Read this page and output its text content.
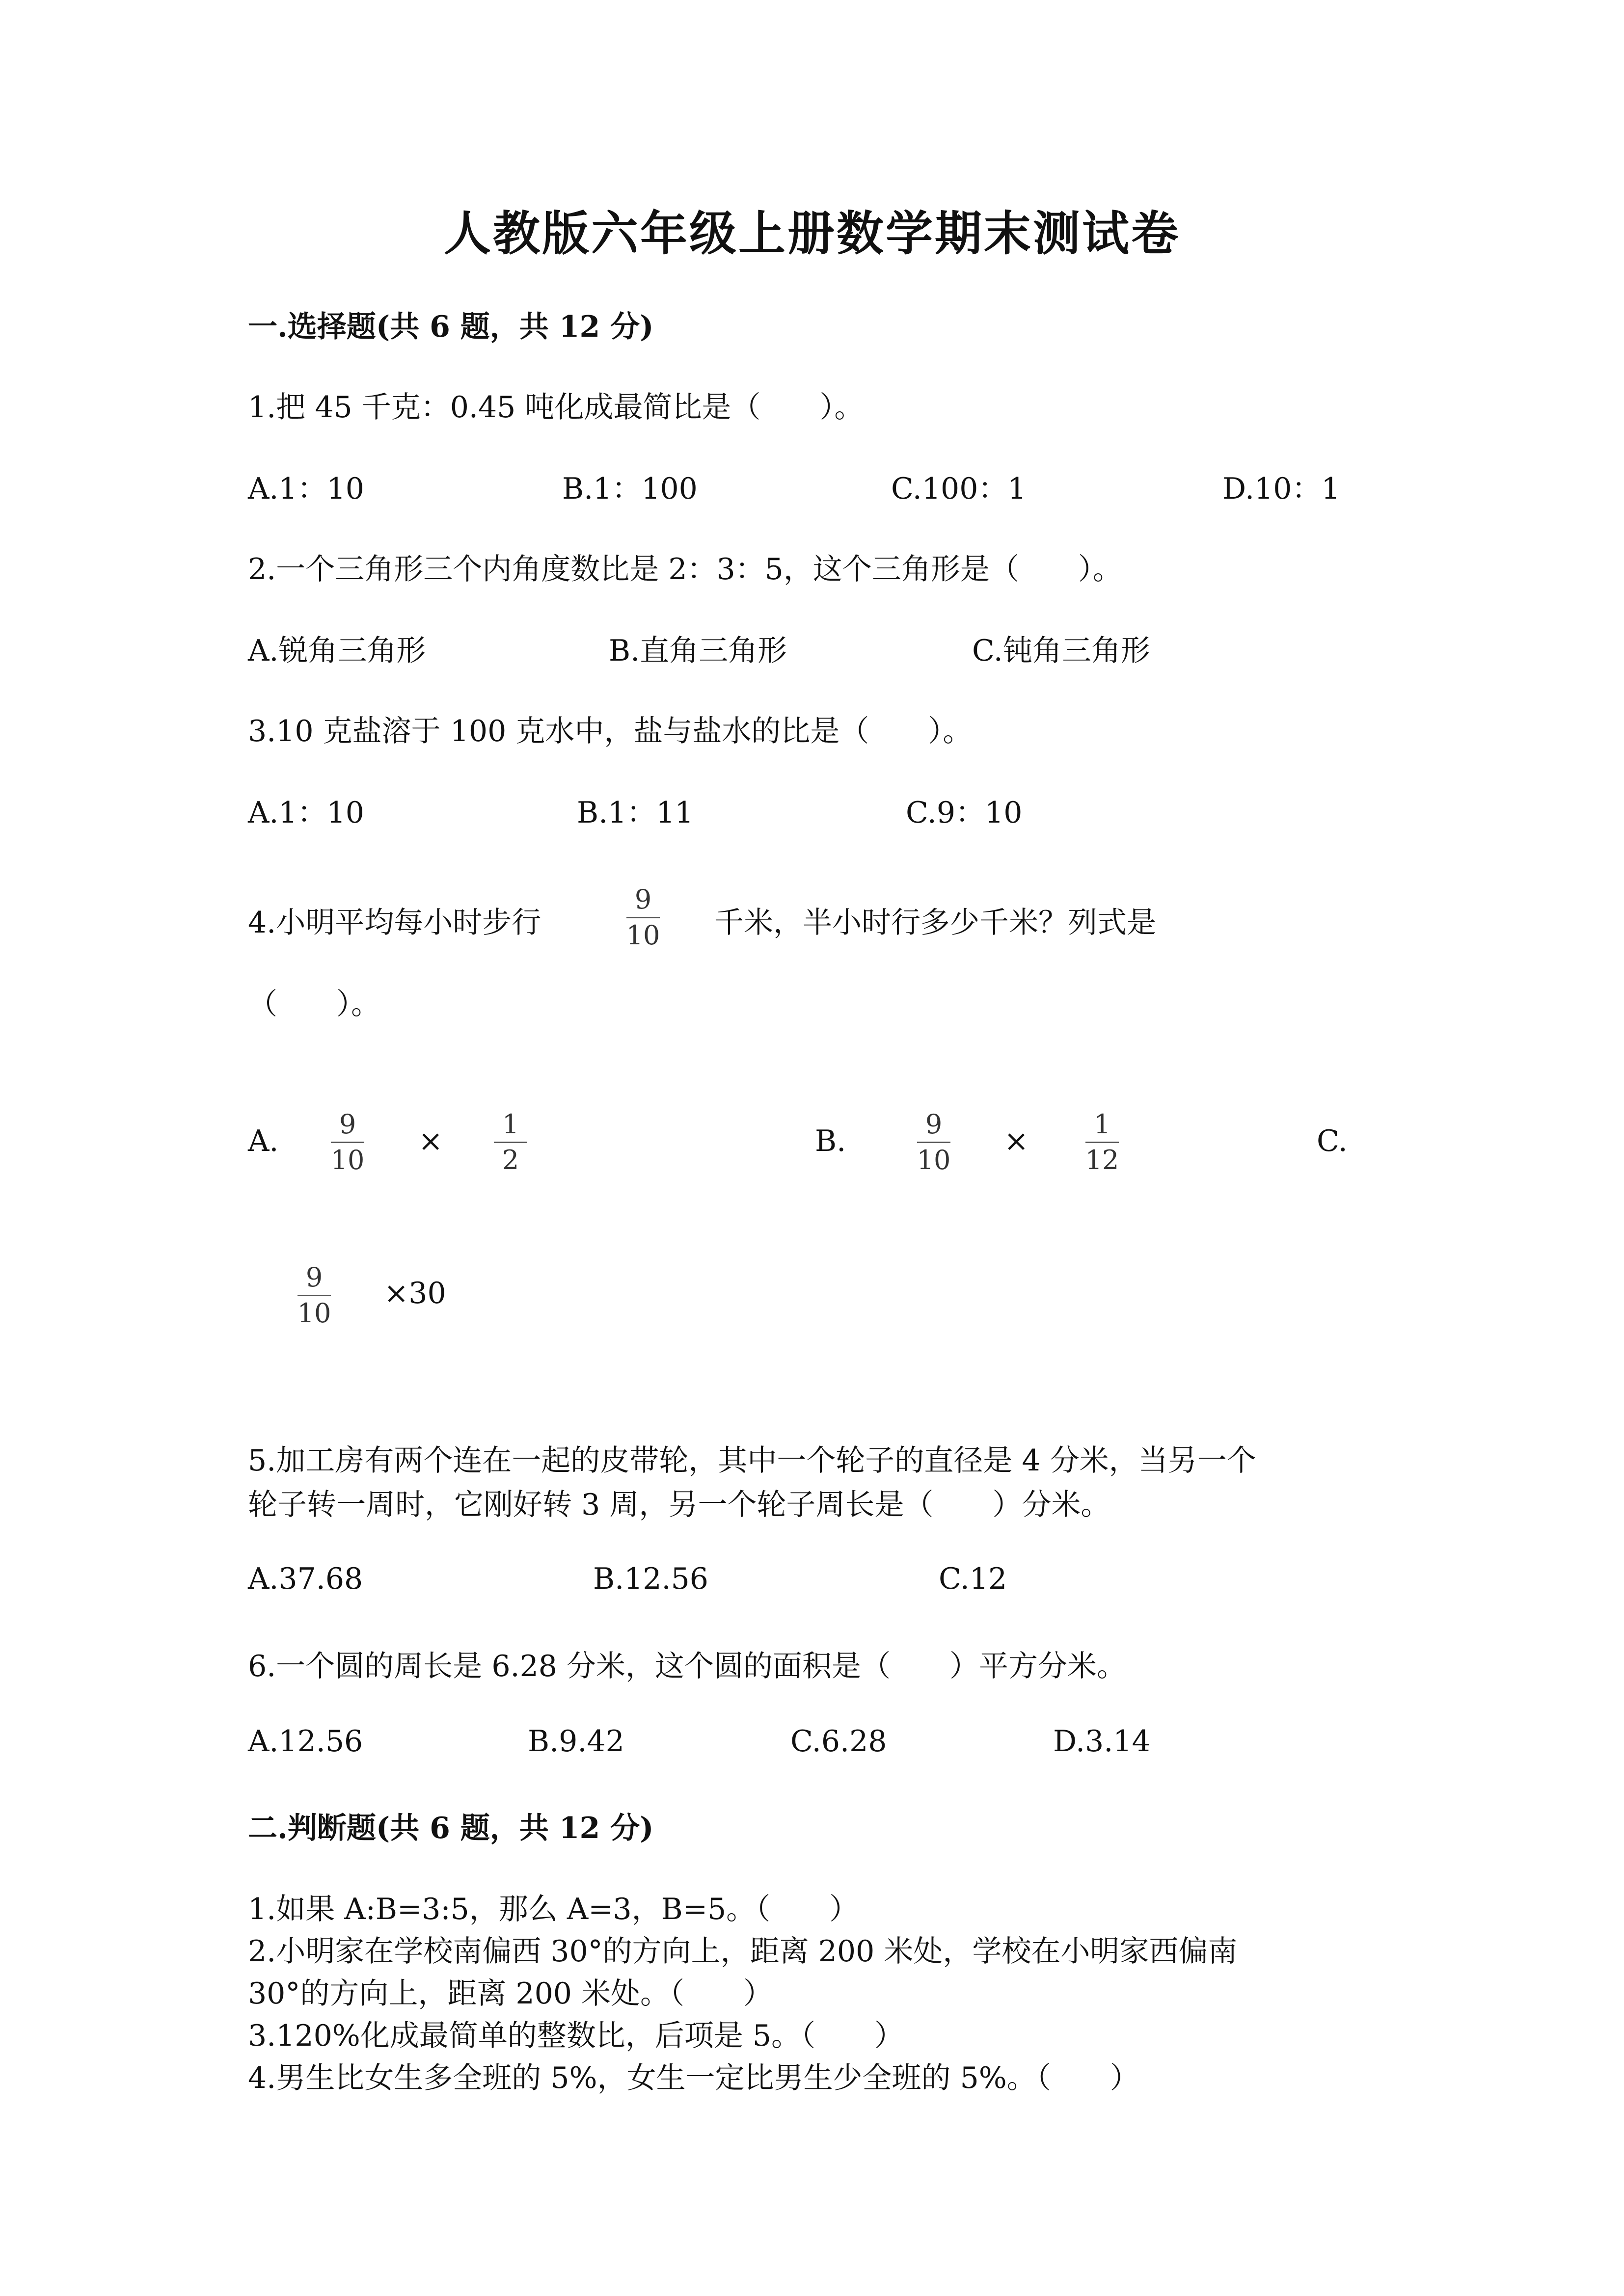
人教版六年级上册数学期末测试卷
一.选择题(共 6 题，共 12 分)
1.把 45 千克：0.45 吨化成最简比是（　　）。
A.1：10	B.1：100	C.100：1	D.10：1
2.一个三角形三个内角度数比是 2：3：5，这个三角形是（　　）。
A.锐角三角形	B.直角三角形	C.钝角三角形
3.10 克盐溶于 100 克水中，盐与盐水的比是（　　）。
A.1：10	B.1：11	C.9：10
4.小明平均每小时步行
9
10 千米，半小时行多少千米？列式是
（　　）。
A.	9
10
×	1
2
B.	9
10
×	1
12
C.
9
10
×30
5.加工房有两个连在一起的皮带轮，其中一个轮子的直径是 4 分米，当另一个
轮子转一周时，它刚好转 3 周，另一个轮子周长是（　　）分米。
A.37.68	B.12.56	C.12
6.一个圆的周长是 6.28 分米，这个圆的面积是（　　）平方分米。
A.12.56	B.9.42	C.6.28	D.3.14
二.判断题(共 6 题，共 12 分)
1.如果 A:B=3:5，那么 A=3，B=5。（　　）
2.小明家在学校南偏西 30°的方向上，距离 200 米处，学校在小明家西偏南
30°的方向上，距离 200 米处。（　　）
3.120%化成最简单的整数比，后项是 5。（　　）
4.男生比女生多全班的 5%，女生一定比男生少全班的 5%。（　　）
